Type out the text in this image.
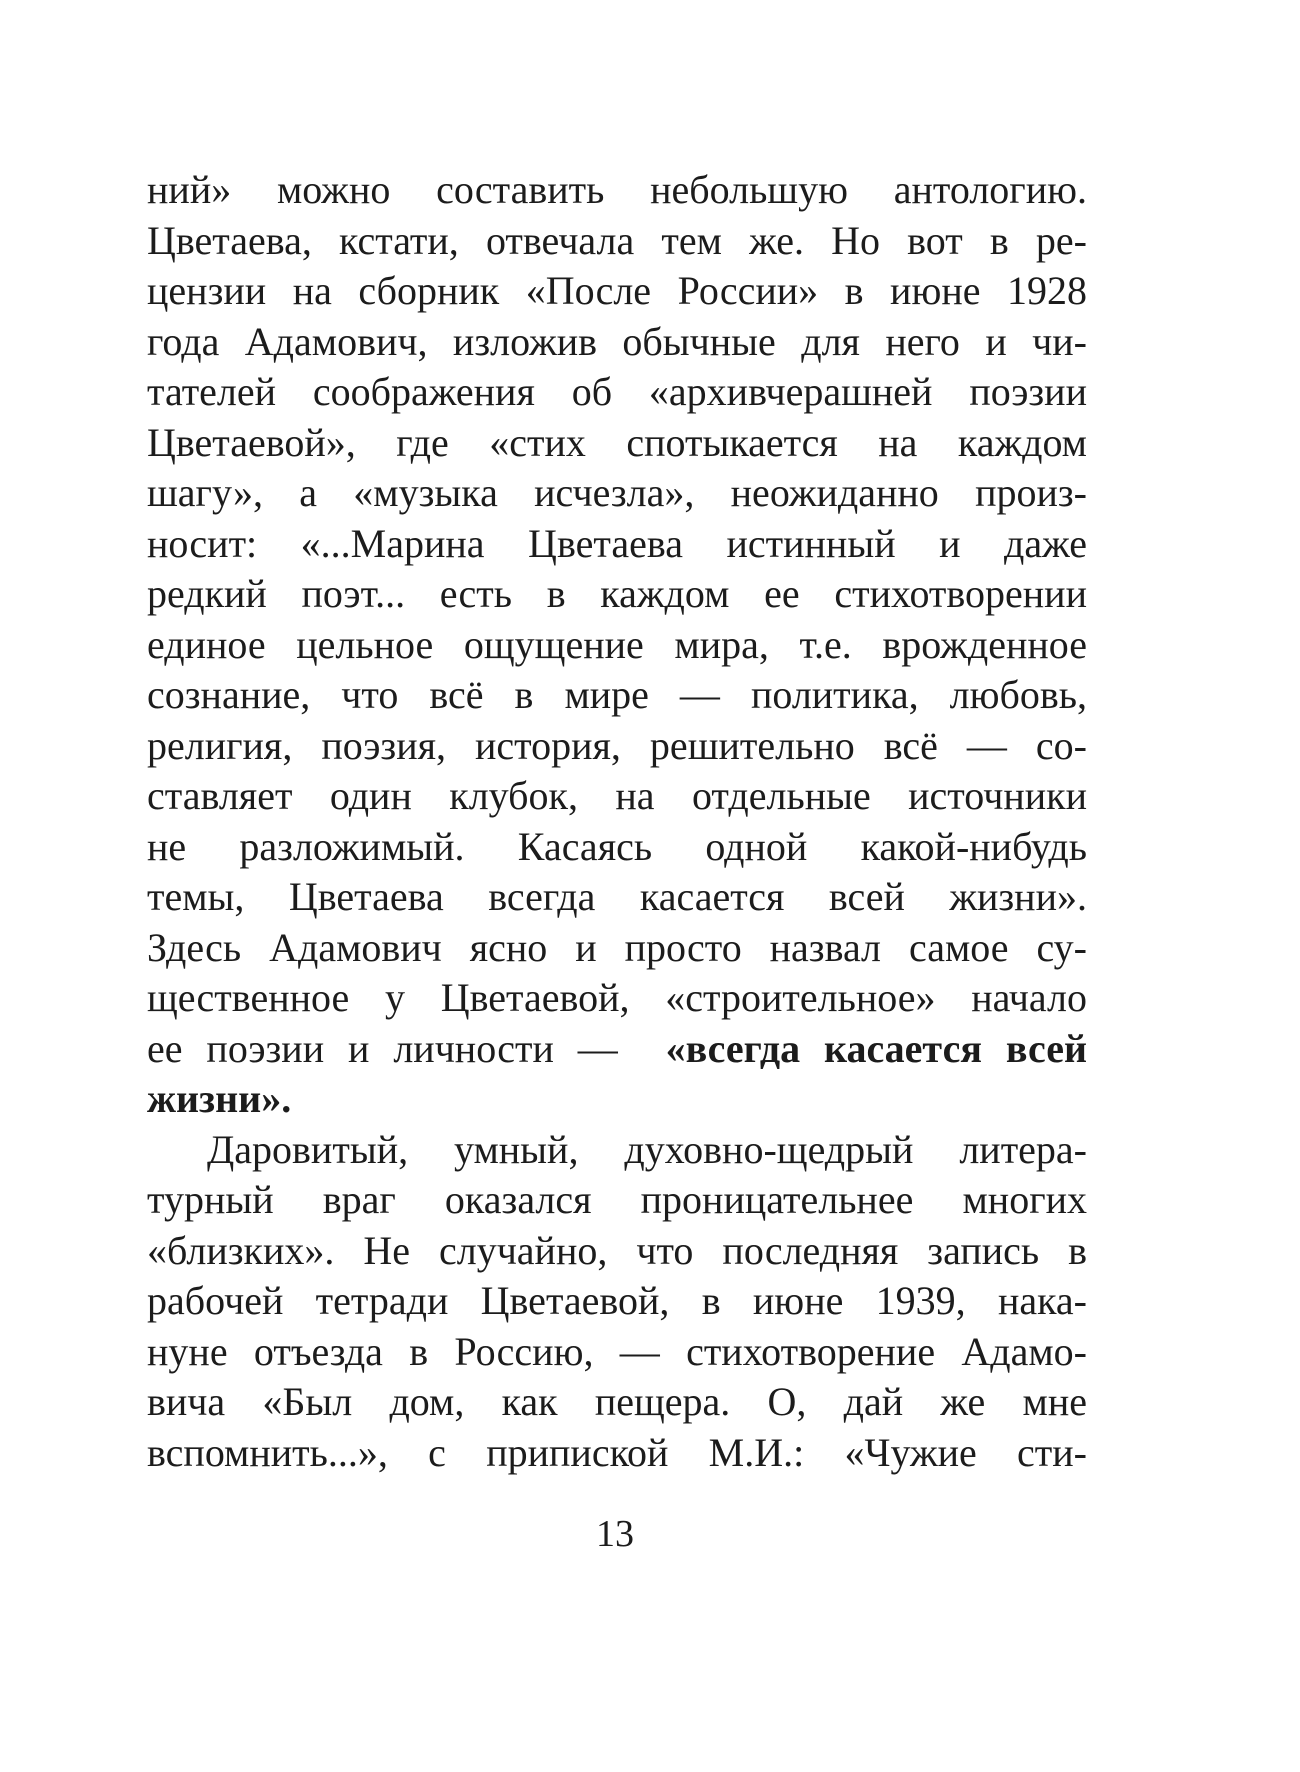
ний» можно составить небольшую антологию.
Цветаева, кстати, отвечала тем же. Но вот в ре-
цензии на сборник «После России» в июне 1928
года Адамович, изложив обычные для него и чи-
тателей соображения об «архивчерашней поэзии
Цветаевой», где «стих спотыкается на каждом
шагу», а «музыка исчезла», неожиданно произ-
носит: «...Марина Цветаева истинный и даже
редкий поэт... есть в каждом ее стихотворении
единое цельное ощущение мира, т.е. врожденное
сознание, что всё в мире — политика, любовь,
религия, поэзия, история, решительно всё — со-
ставляет один клубок, на отдельные источники
не разложимый. Касаясь одной какой-нибудь
темы, Цветаева всегда касается всей жизни».
Здесь Адамович ясно и просто назвал самое су-
щественное у Цветаевой, «строительное» начало
ее поэзии и личности — «всегда касается всей
жизни».
Даровитый, умный, духовно-щедрый литера-
турный враг оказался проницательнее многих
«близких». Не случайно, что последняя запись в
рабочей тетради Цветаевой, в июне 1939, нака-
нуне отъезда в Россию, — стихотворение Адамо-
вича «Был дом, как пещера. О, дай же мне
вспомнить...», с припиской М.И.: «Чужие сти-
13
